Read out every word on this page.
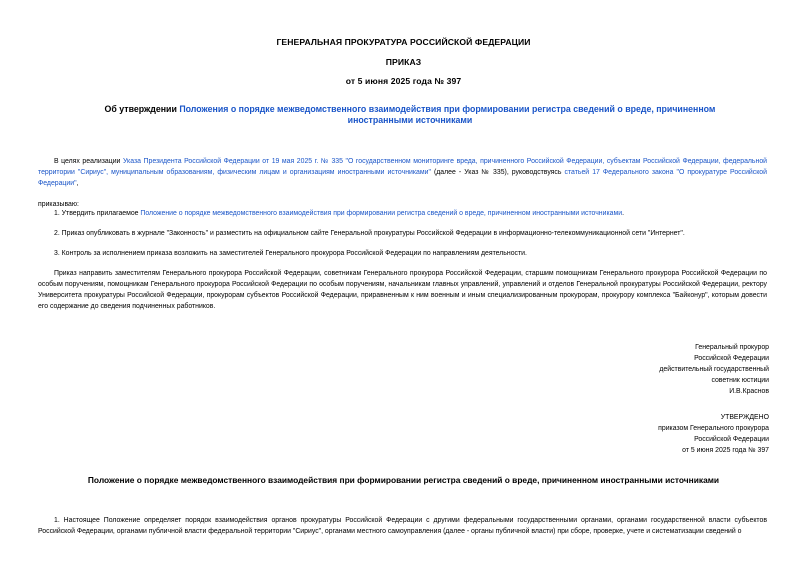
ГЕНЕРАЛЬНАЯ ПРОКУРАТУРА РОССИЙСКОЙ ФЕДЕРАЦИИ
ПРИКАЗ
от 5 июня 2025 года № 397
Об утверждении Положения о порядке межведомственного взаимодействия при формировании регистра сведений о вреде, причиненном иностранными источниками
В целях реализации Указа Президента Российской Федерации от 19 мая 2025 г. № 335 "О государственном мониторинге вреда, причиненного Российской Федерации, субъектам Российской Федерации, федеральной территории "Сириус", муниципальным образованиям, физическим лицам и организациям иностранными источниками" (далее - Указ № 335), руководствуясь статьей 17 Федерального закона "О прокуратуре Российской Федерации",
приказываю:
1. Утвердить прилагаемое Положение о порядке межведомственного взаимодействия при формировании регистра сведений о вреде, причиненном иностранными источниками.
2. Приказ опубликовать в журнале "Законность" и разместить на официальном сайте Генеральной прокуратуры Российской Федерации в информационно-телекоммуникационной сети "Интернет".
3. Контроль за исполнением приказа возложить на заместителей Генерального прокурора Российской Федерации по направлениям деятельности.
Приказ направить заместителям Генерального прокурора Российской Федерации, советникам Генерального прокурора Российской Федерации, старшим помощникам Генерального прокурора Российской Федерации по особым поручениям, помощникам Генерального прокурора Российской Федерации по особым поручениям, начальникам главных управлений, управлений и отделов Генеральной прокуратуры Российской Федерации, ректору Университета прокуратуры Российской Федерации, прокурорам субъектов Российской Федерации, приравненным к ним военным и иным специализированным прокурорам, прокурору комплекса "Байконур", которым довести его содержание до сведения подчиненных работников.
Генеральный прокурор
Российской Федерации
действительный государственный
советник юстиции
И.В.Краснов
УТВЕРЖДЕНО
приказом Генерального прокурора
Российской Федерации
от 5 июня 2025 года № 397
Положение о порядке межведомственного взаимодействия при формировании регистра сведений о вреде, причиненном иностранными источниками
1. Настоящее Положение определяет порядок взаимодействия органов прокуратуры Российской Федерации с другими федеральными государственными органами, органами государственной власти субъектов Российской Федерации, органами публичной власти федеральной территории "Сириус", органами местного самоуправления (далее - органы публичной власти) при сборе, проверке, учете и систематизации сведений о
